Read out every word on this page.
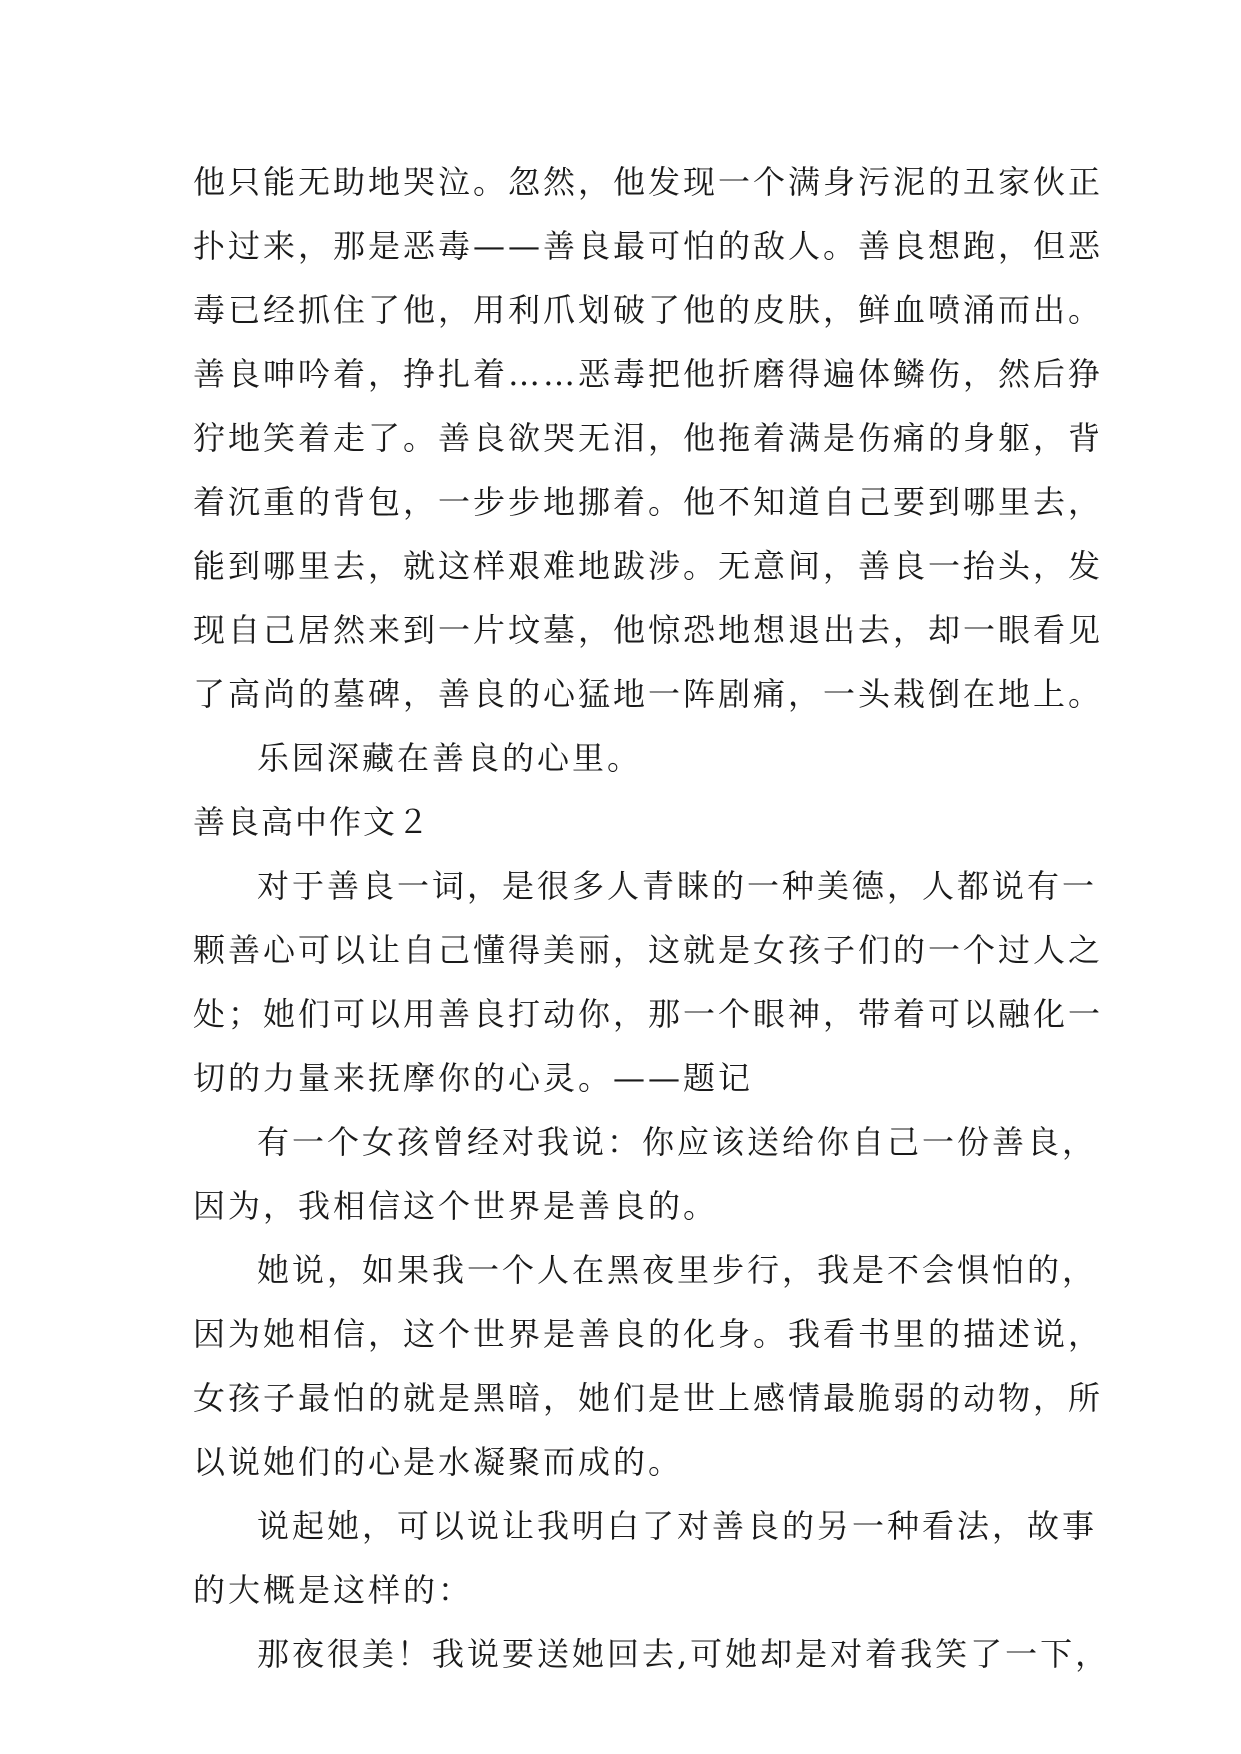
他只能无助地哭泣。忽然，他发现一个满身污泥的丑家伙正
扑过来，那是恶毒——善良最可怕的敌人。善良想跑，但恶
毒已经抓住了他，用利爪划破了他的皮肤，鲜血喷涌而出。
善良呻吟着，挣扎着……恶毒把他折磨得遍体鳞伤，然后狰
狞地笑着走了。善良欲哭无泪，他拖着满是伤痛的身躯，背
着沉重的背包，一步步地挪着。他不知道自己要到哪里去，
能到哪里去，就这样艰难地跋涉。无意间，善良一抬头，发
现自己居然来到一片坟墓，他惊恐地想退出去，却一眼看见
了高尚的墓碑，善良的心猛地一阵剧痛，一头栽倒在地上。
乐园深藏在善良的心里。
善良高中作文２
对于善良一词，是很多人青睐的一种美德，人都说有一
颗善心可以让自己懂得美丽，这就是女孩子们的一个过人之
处；她们可以用善良打动你，那一个眼神，带着可以融化一
切的力量来抚摩你的心灵。——题记
有一个女孩曾经对我说：你应该送给你自己一份善良，
因为，我相信这个世界是善良的。
她说，如果我一个人在黑夜里步行，我是不会惧怕的，
因为她相信，这个世界是善良的化身。我看书里的描述说，
女孩子最怕的就是黑暗，她们是世上感情最脆弱的动物，所
以说她们的心是水凝聚而成的。
说起她，可以说让我明白了对善良的另一种看法，故事
的大概是这样的：
那夜很美！我说要送她回去,可她却是对着我笑了一下，
